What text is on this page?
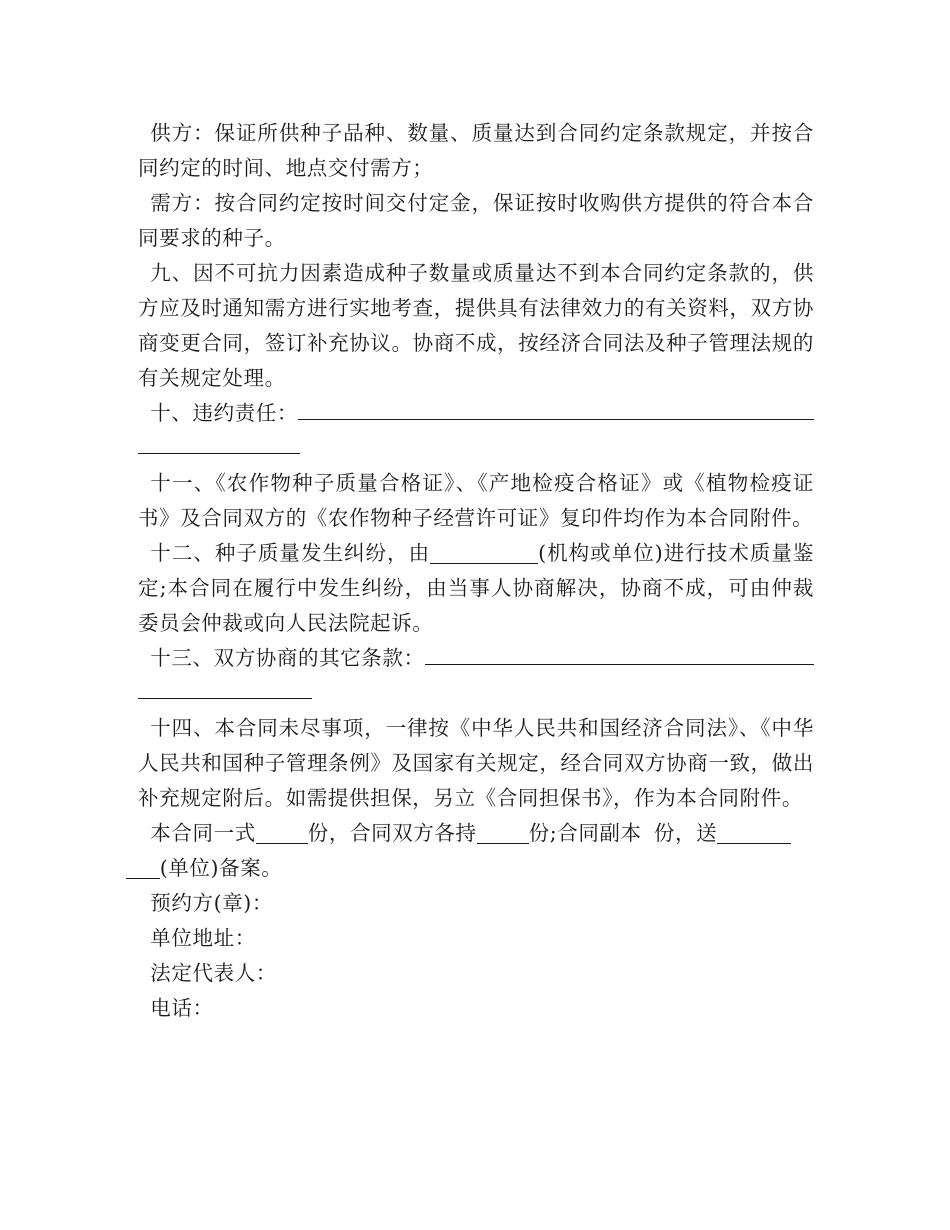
供方：保证所供种子品种、数量、质量达到合同约定条款规定，并按合同约定的时间、地点交付需方；

需方：按合同约定按时间交付定金，保证按时收购供方提供的符合本合同要求的种子。

九、因不可抗力因素造成种子数量或质量达不到本合同约定条款的，供方应及时通知需方进行实地考查，提供具有法律效力的有关资料，双方协商变更合同，签订补充协议。协商不成，按经济合同法及种子管理法规的有关规定处理。

十、违约责任：

十一、《农作物种子质量合格证》、《产地检疫合格证》或《植物检疫证书》及合同双方的《农作物种子经营许可证》复印件均作为本合同附件。

十二、种子质量发生纠纷，由	(机构或单位)进行技术质量鉴定;本合同在履行中发生纠纷，由当事人协商解决，协商不成，可由仲裁委员会仲裁或向人民法院起诉。

十三、双方协商的其它条款：

十四、本合同未尽事项，一律按《中华人民共和国经济合同法》、《中华人民共和国种子管理条例》及国家有关规定，经合同双方协商一致，做出补充规定附后。如需提供担保，另立《合同担保书》，作为本合同附件。

本合同一式	份，合同双方各持	份;合同副本 份，送
(单位)备案。

预约方(章)：

单位地址：

法定代表人：

电话：
